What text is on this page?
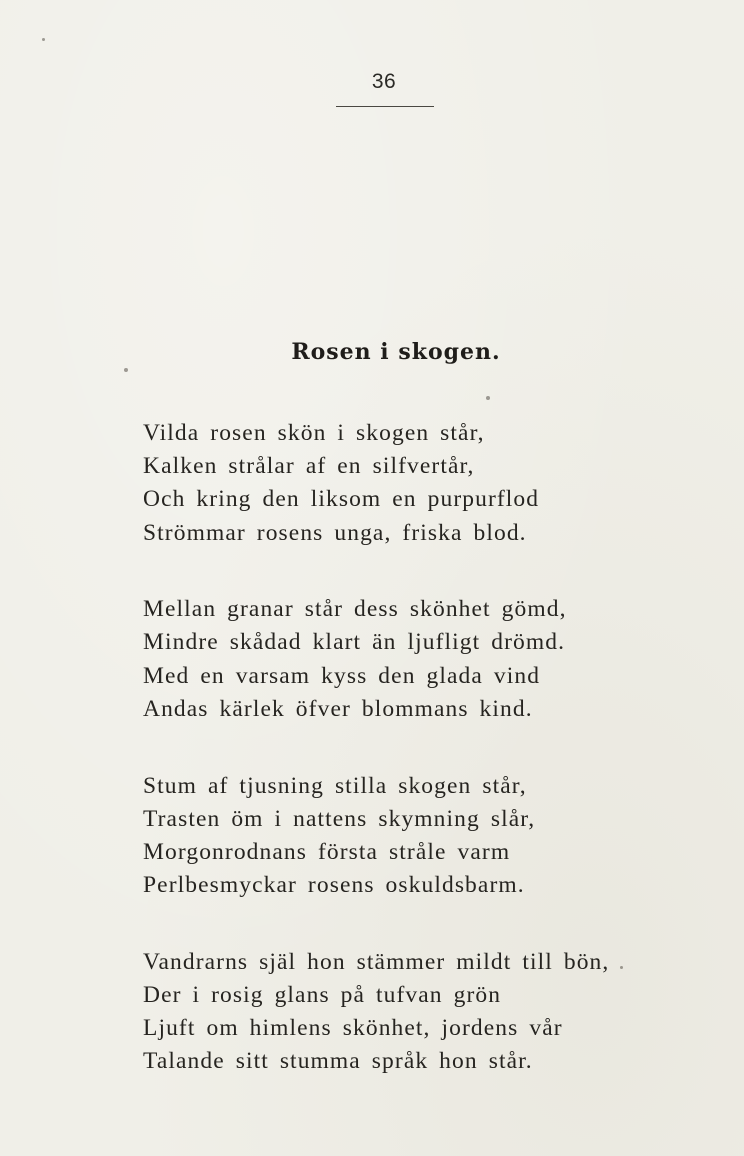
36
Rosen i skogen.
Vilda rosen skön i skogen står,
Kalken strålar af en silfvertår,
Och kring den liksom en purpurflod
Strömmar rosens unga, friska blod.
Mellan granar står dess skönhet gömd,
Mindre skådad klart än ljufligt drömd.
Med en varsam kyss den glada vind
Andas kärlek öfver blommans kind.
Stum af tjusning stilla skogen står,
Trasten öm i nattens skymning slår,
Morgonrodnans första stråle varm
Perlbesmyckar rosens oskuldsbarm.
Vandrarns själ hon stämmer mildt till bön,
Der i rosig glans på tufvan grön
Ljuft om himlens skönhet, jordens vår
Talande sitt stumma språk hon står.
